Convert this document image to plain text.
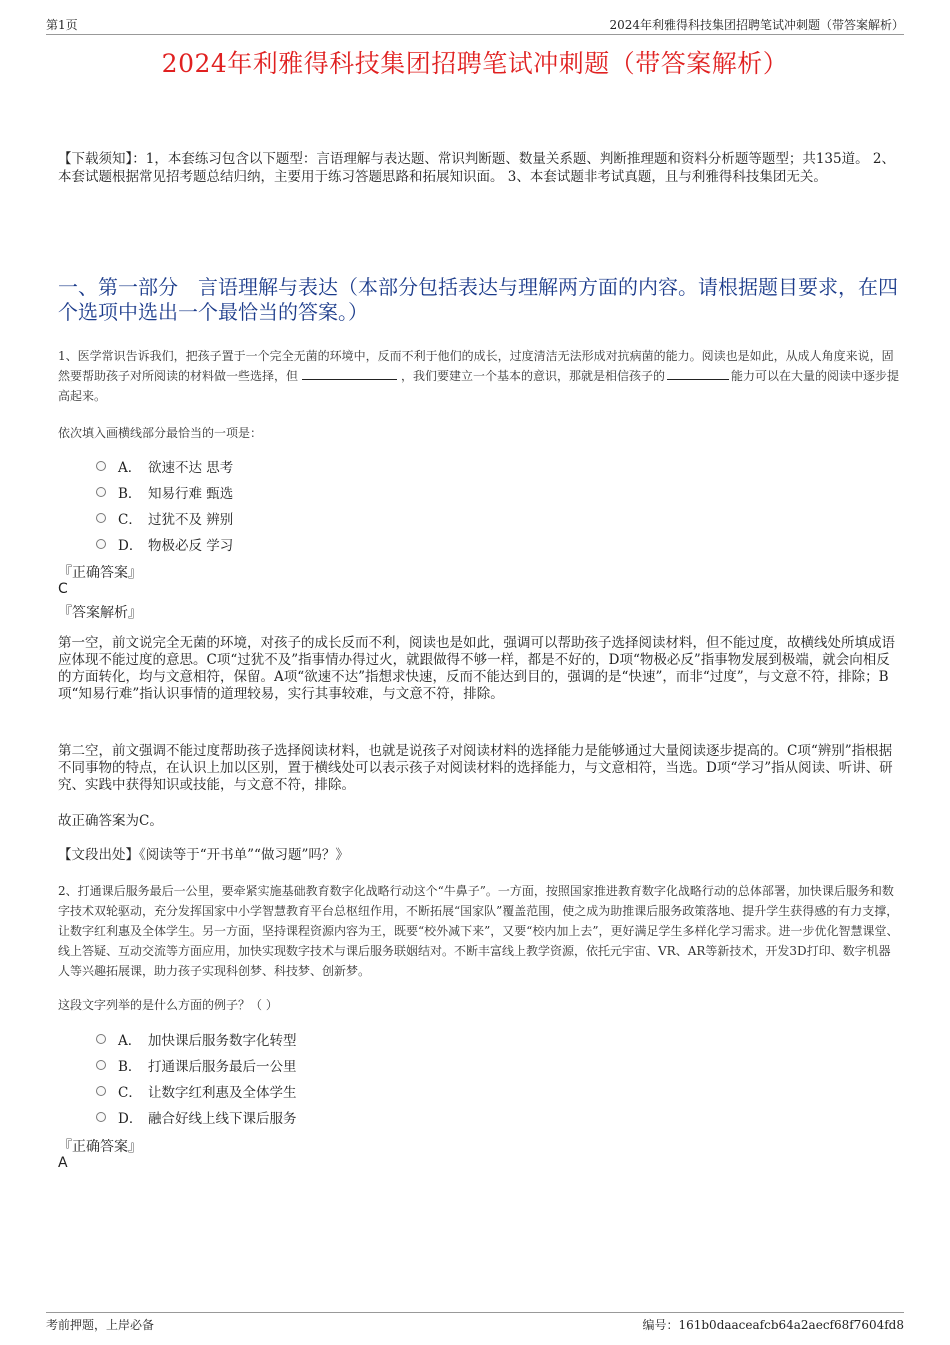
第1页	2024年利雅得科技集团招聘笔试冲刺题（带答案解析）
2024年利雅得科技集团招聘笔试冲刺题（带答案解析）
【下载须知】：1，本套练习包含以下题型：言语理解与表达题、常识判断题、数量关系题、判断推理题和资料分析题等题型；共135道。 2、本套试题根据常见招考题总结归纳，主要用于练习答题思路和拓展知识面。 3、本套试题非考试真题，且与利雅得科技集团无关。
一、第一部分　言语理解与表达（本部分包括表达与理解两方面的内容。请根据题目要求，在四个选项中选出一个最恰当的答案。）
1、医学常识告诉我们，把孩子置于一个完全无菌的环境中，反而不利于他们的成长，过度清洁无法形成对抗病菌的能力。阅读也是如此，从成人角度来说，固然要帮助孩子对所阅读的材料做一些选择，但	，我们要建立一个基本的意识，那就是相信孩子的	能力可以在大量的阅读中逐步提高起来。
依次填入画横线部分最恰当的一项是：
A． 欲速不达 思考
B． 知易行难 甄选
C． 过犹不及 辨别
D． 物极必反 学习
『正确答案』
C
『答案解析』
第一空，前文说完全无菌的环境，对孩子的成长反而不利，阅读也是如此，强调可以帮助孩子选择阅读材料，但不能过度，故横线处所填成语应体现不能过度的意思。C项“过犹不及”指事情办得过火，就跟做得不够一样，都是不好的，D项“物极必反”指事物发展到极端，就会向相反的方面转化，均与文意相符，保留。A项“欲速不达”指想求快速，反而不能达到目的，强调的是“快速”，而非“过度”，与文意不符，排除；B项“知易行难”指认识事情的道理较易，实行其事较难，与文意不符，排除。
第二空，前文强调不能过度帮助孩子选择阅读材料，也就是说孩子对阅读材料的选择能力是能够通过大量阅读逐步提高的。C项“辨别”指根据不同事物的特点，在认识上加以区别，置于横线处可以表示孩子对阅读材料的选择能力，与文意相符，当选。D项“学习”指从阅读、听讲、研究、实践中获得知识或技能，与文意不符，排除。
故正确答案为C。
【文段出处】《阅读等于“开书单”“做习题”吗？》
2、打通课后服务最后一公里，要牵紧实施基础教育数字化战略行动这个“牛鼻子”。一方面，按照国家推进教育数字化战略行动的总体部署，加快课后服务和数字技术双轮驱动，充分发挥国家中小学智慧教育平台总枢纽作用，不断拓展“国家队”覆盖范围，使之成为助推课后服务政策落地、提升学生获得感的有力支撑，让数字红利惠及全体学生。另一方面，坚持课程资源内容为王，既要“校外减下来”，又要“校内加上去”，更好满足学生多样化学习需求。进一步优化智慧课堂、线上答疑、互动交流等方面应用，加快实现数字技术与课后服务联姻结对。不断丰富线上教学资源，依托元宇宙、VR、AR等新技术，开发3D打印、数字机器人等兴趣拓展课，助力孩子实现科创梦、科技梦、创新梦。
这段文字列举的是什么方面的例子？（ ）
A． 加快课后服务数字化转型
B． 打通课后服务最后一公里
C． 让数字红利惠及全体学生
D． 融合好线上线下课后服务
『正确答案』
A
考前押题，上岸必备	编号：161b0daaceafcb64a2aecf68f7604fd8
